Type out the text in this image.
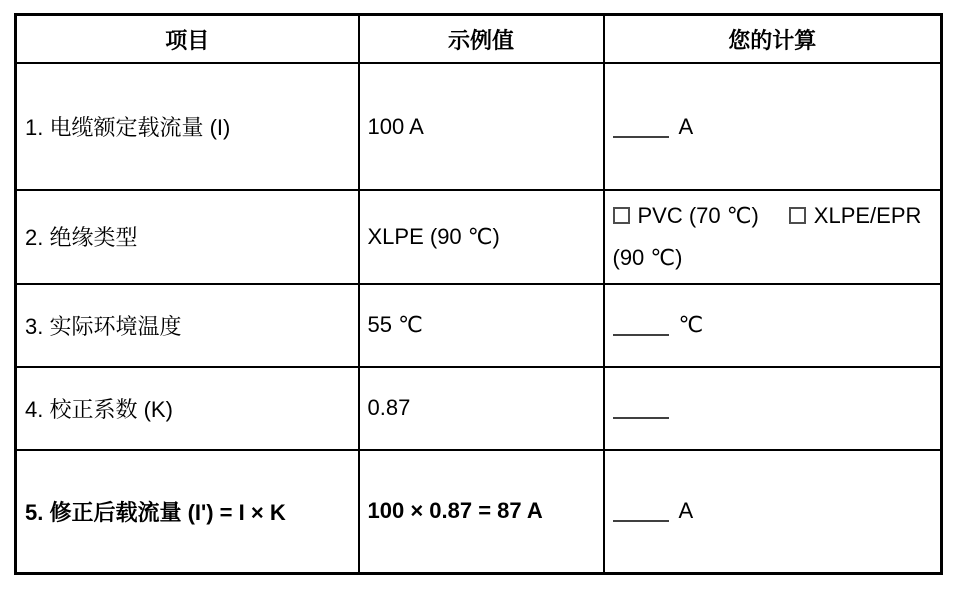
项目	示例值	您的计算
1. 电缆额定载流量 (I)	100 A	A
2. 绝缘类型	XLPE (90 ℃)	PVC (70 ℃) XLPE/EPR (90 ℃)
3. 实际环境温度	55 ℃	℃
4. 校正系数 (K)	0.87	
5. 修正后载流量 (I') = I × K	100 × 0.87 = 87 A	A
